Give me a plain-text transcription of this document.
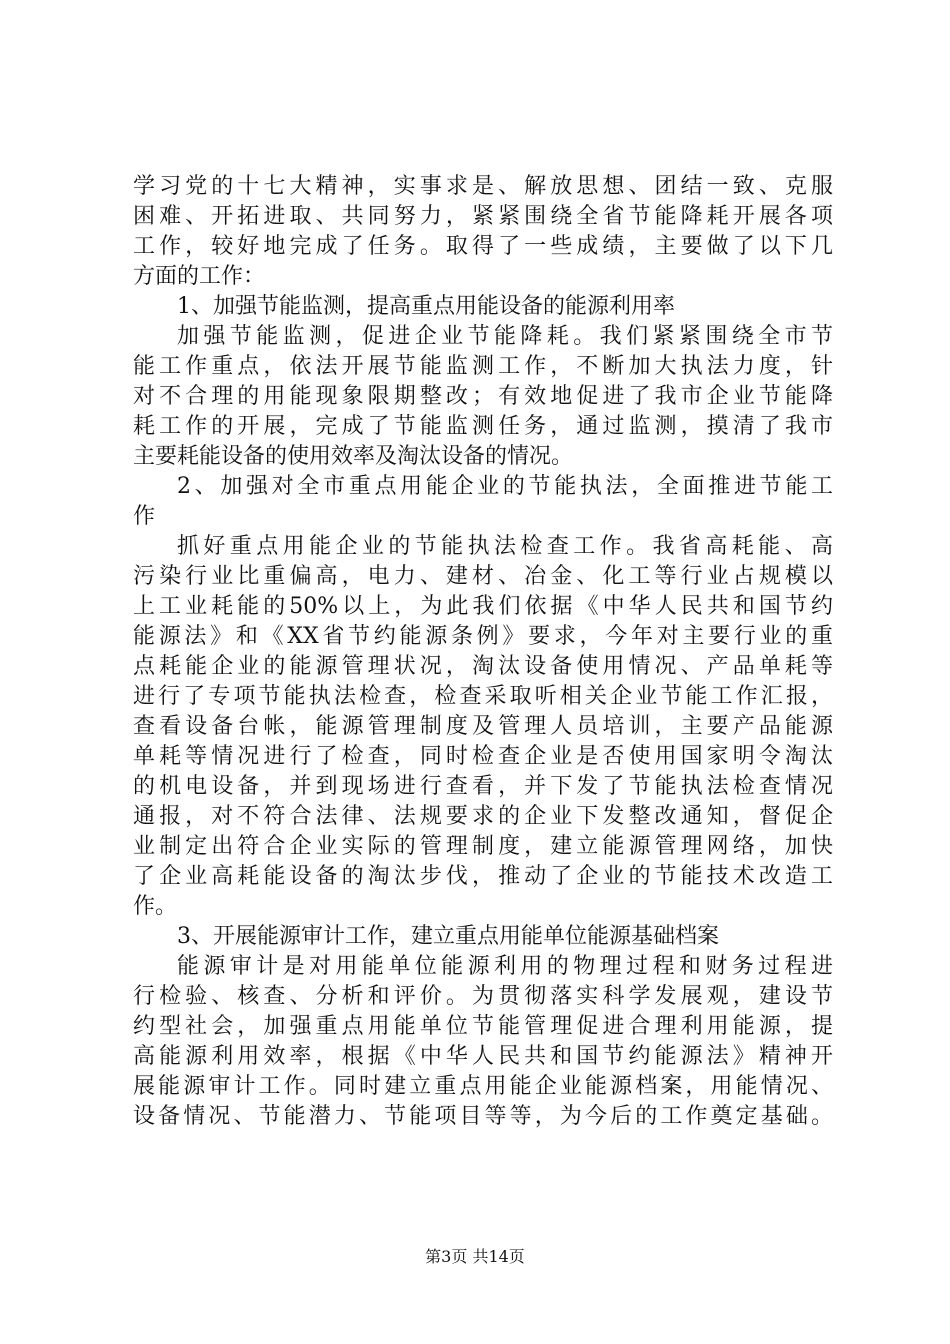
学习党的十七大精神，实事求是、解放思想、团结一致、克服
困难、开拓进取、共同努力，紧紧围绕全省节能降耗开展各项
工作，较好地完成了任务。取得了一些成绩，主要做了以下几
方面的工作：
1、加强节能监测，提高重点用能设备的能源利用率
加强节能监测，促进企业节能降耗。我们紧紧围绕全市节
能工作重点，依法开展节能监测工作，不断加大执法力度，针
对不合理的用能现象限期整改；有效地促进了我市企业节能降
耗工作的开展，完成了节能监测任务，通过监测，摸清了我市
主要耗能设备的使用效率及淘汰设备的情况。
2、加强对全市重点用能企业的节能执法，全面推进节能工
作
抓好重点用能企业的节能执法检查工作。我省高耗能、高
污染行业比重偏高，电力、建材、冶金、化工等行业占规模以
上工业耗能的50%以上，为此我们依据《中华人民共和国节约
能源法》和《XX省节约能源条例》要求，今年对主要行业的重
点耗能企业的能源管理状况，淘汰设备使用情况、产品单耗等
进行了专项节能执法检查，检查采取听相关企业节能工作汇报，
查看设备台帐，能源管理制度及管理人员培训，主要产品能源
单耗等情况进行了检查，同时检查企业是否使用国家明令淘汰
的机电设备，并到现场进行查看，并下发了节能执法检查情况
通报，对不符合法律、法规要求的企业下发整改通知，督促企
业制定出符合企业实际的管理制度，建立能源管理网络，加快
了企业高耗能设备的淘汰步伐，推动了企业的节能技术改造工
作。
3、开展能源审计工作，建立重点用能单位能源基础档案
能源审计是对用能单位能源利用的物理过程和财务过程进
行检验、核查、分析和评价。为贯彻落实科学发展观，建设节
约型社会，加强重点用能单位节能管理促进合理利用能源，提
高能源利用效率，根据《中华人民共和国节约能源法》精神开
展能源审计工作。同时建立重点用能企业能源档案，用能情况、
设备情况、节能潜力、节能项目等等，为今后的工作奠定基础。
第3页 共14页
